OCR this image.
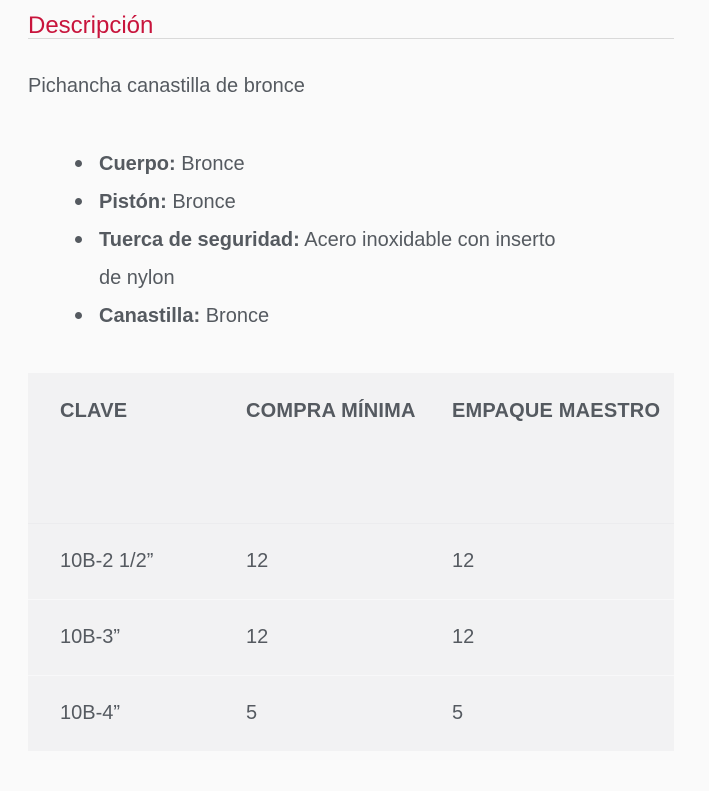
Descripción

Pichancha canastilla de bronce

Cuerpo: Bronce
Pistón: Bronce
Tuerca de seguridad: Acero inoxidable con inserto de nylon
Canastilla: Bronce
CLAVE	COMPRA MÍNIMA	EMPAQUE MAESTRO
10B-2 1/2”	12	12
10B-3”	12	12
10B-4”	5	5
